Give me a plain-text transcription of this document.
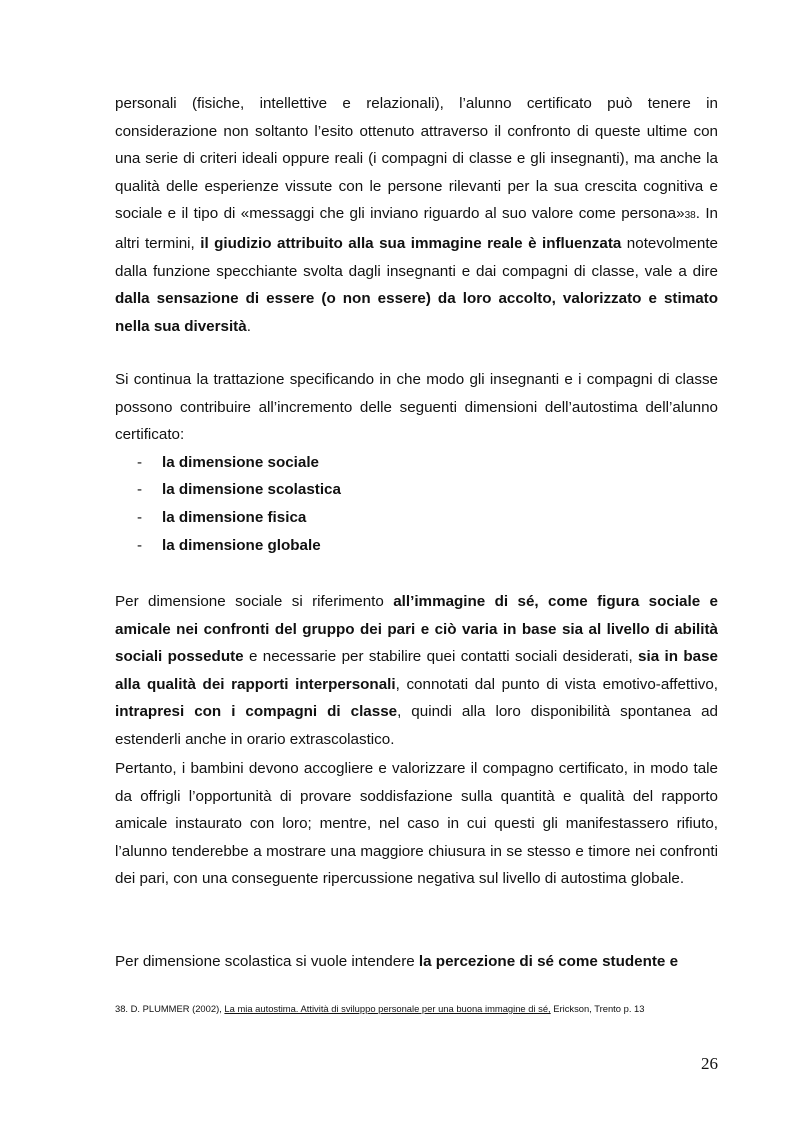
personali (fisiche, intellettive e relazionali), l’alunno certificato può tenere in considerazione non soltanto l’esito ottenuto attraverso il confronto di queste ultime con una serie di criteri ideali oppure reali (i compagni di classe e gli insegnanti), ma anche la qualità delle esperienze vissute con le persone rilevanti per la sua crescita cognitiva e sociale e il tipo di «messaggi che gli inviano riguardo al suo valore come persona»38. In altri termini, il giudizio attribuito alla sua immagine reale è influenzata notevolmente dalla funzione specchiante svolta dagli insegnanti e dai compagni di classe, vale a dire dalla sensazione di essere (o non essere) da loro accolto, valorizzato e stimato nella sua diversità.

Si continua la trattazione specificando in che modo gli insegnanti e i compagni di classe possono contribuire all’incremento delle seguenti dimensioni dell’autostima dell’alunno certificato:

- la dimensione sociale
- la dimensione scolastica
- la dimensione fisica
- la dimensione globale

Per dimensione sociale si riferimento all’immagine di sé, come figura sociale e amicale nei confronti del gruppo dei pari e ciò varia in base sia al livello di abilità sociali possedute e necessarie per stabilire quei contatti sociali desiderati, sia in base alla qualità dei rapporti interpersonali, connotati dal punto di vista emotivo-affettivo, intrapresi con i compagni di classe, quindi alla loro disponibilità spontanea ad estenderli anche in orario extrascolastico.

Pertanto, i bambini devono accogliere e valorizzare il compagno certificato, in modo tale da offrigli l’opportunità di provare soddisfazione sulla quantità e qualità del rapporto amicale instaurato con loro; mentre, nel caso in cui questi gli manifestassero rifiuto, l’alunno tenderebbe a mostrare una maggiore chiusura in se stesso e timore nei confronti dei pari, con una conseguente ripercussione negativa sul livello di autostima globale.

Per dimensione scolastica si vuole intendere la percezione di sé come studente e

38. D. PLUMMER (2002), La mia autostima. Attività di sviluppo personale per una buona immagine di sé, Erickson, Trento p. 13
26
